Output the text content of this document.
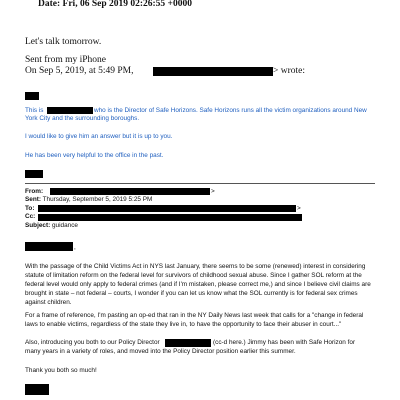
Date: Fri, 06 Sep 2019 02:26:55 +0000
Let's talk tomorrow.
Sent from my iPhone
On Sep 5, 2019, at 5:49 PM,	> wrote:
This is	who is the Director of Safe Horizons. Safe Horizons runs all the victim organizations around New
York City and the surrounding boroughs.
I would like to give him an answer but it is up to you.
He has been very helpful to the office in the past.
From:	>
Sent: Thursday, September 5, 2019 5:25 PM
To:	>
Cc:
Subject: guidance
,
With the passage of the Child Victims Act in NYS last January, there seems to be some (renewed) interest in considering statute of limitation reform on the federal level for survivors of childhood sexual abuse. Since I gather SOL reform at the federal level would only apply to federal crimes (and if I'm mistaken, please correct me,) and since I believe civil claims are brought in state – not federal – courts, I wonder if you can let us know what the SOL currently is for federal sex crimes against children.
For a frame of reference, I'm pasting an op-ed that ran in the NY Daily News last week that calls for a "change in federal laws to enable victims, regardless of the state they live in, to have the opportunity to face their abuser in court..."
Also, introducing you both to our Policy Director	(cc-d here.) Jimmy has been with Safe Horizon for
many years in a variety of roles, and moved into the Policy Director position earlier this summer.
Thank you both so much!
